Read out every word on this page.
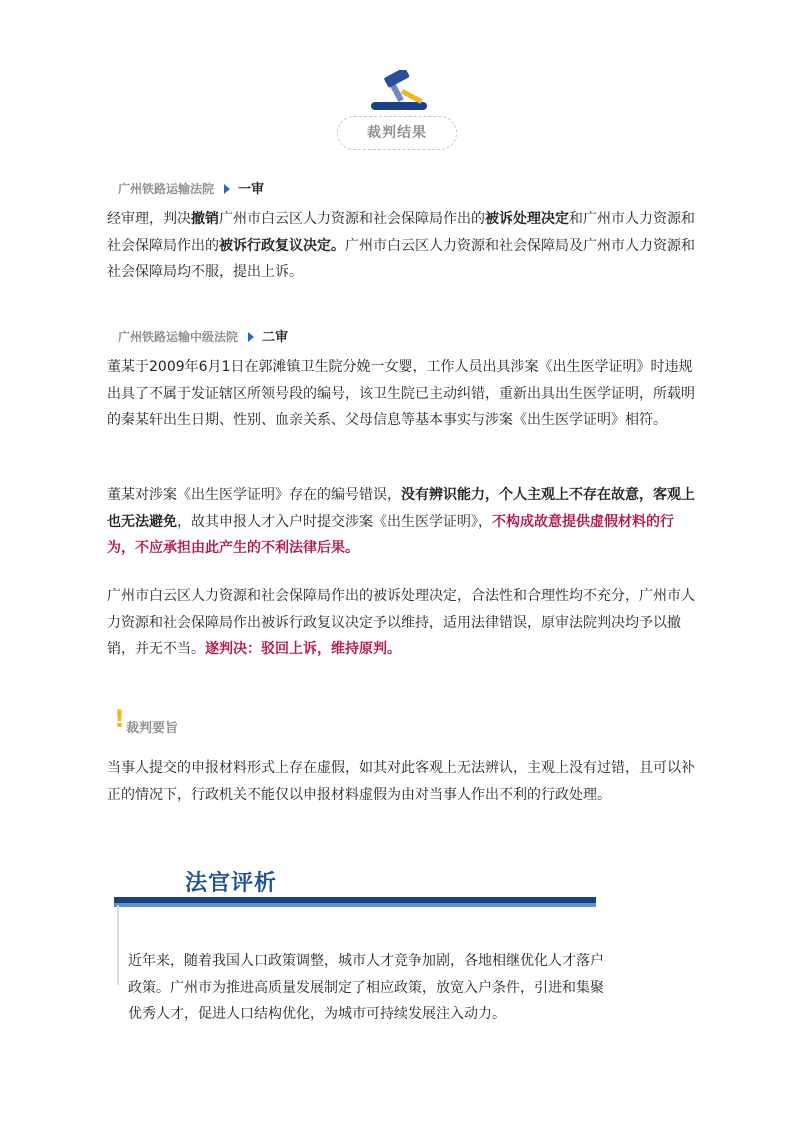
裁判结果
广州铁路运输法院 一审

经审理，判决撤销广州市白云区人力资源和社会保障局作出的被诉处理决定和广州市人力资源和社会保障局作出的被诉行政复议决定。广州市白云区人力资源和社会保障局及广州市人力资源和社会保障局均不服，提出上诉。

广州铁路运输中级法院 二审

董某于2009年6月1日在郭滩镇卫生院分娩一女婴，工作人员出具涉案《出生医学证明》时违规出具了不属于发证辖区所领号段的编号，该卫生院已主动纠错，重新出具出生医学证明，所载明的秦某轩出生日期、性别、血亲关系、父母信息等基本事实与涉案《出生医学证明》相符。

董某对涉案《出生医学证明》存在的编号错误，没有辨识能力，个人主观上不存在故意，客观上也无法避免，故其申报人才入户时提交涉案《出生医学证明》，不构成故意提供虚假材料的行为，不应承担由此产生的不利法律后果。

广州市白云区人力资源和社会保障局作出的被诉处理决定，合法性和合理性均不充分，广州市人力资源和社会保障局作出被诉行政复议决定予以维持，适用法律错误，原审法院判决均予以撤销，并无不当。遂判决：驳回上诉，维持原判。

! 裁判要旨

当事人提交的申报材料形式上存在虚假，如其对此客观上无法辨认，主观上没有过错，且可以补正的情况下，行政机关不能仅以申报材料虚假为由对当事人作出不利的行政处理。

法官评析

近年来，随着我国人口政策调整，城市人才竞争加剧，各地相继优化人才落户政策。广州市为推进高质量发展制定了相应政策，放宽入户条件，引进和集聚优秀人才，促进人口结构优化，为城市可持续发展注入动力。
